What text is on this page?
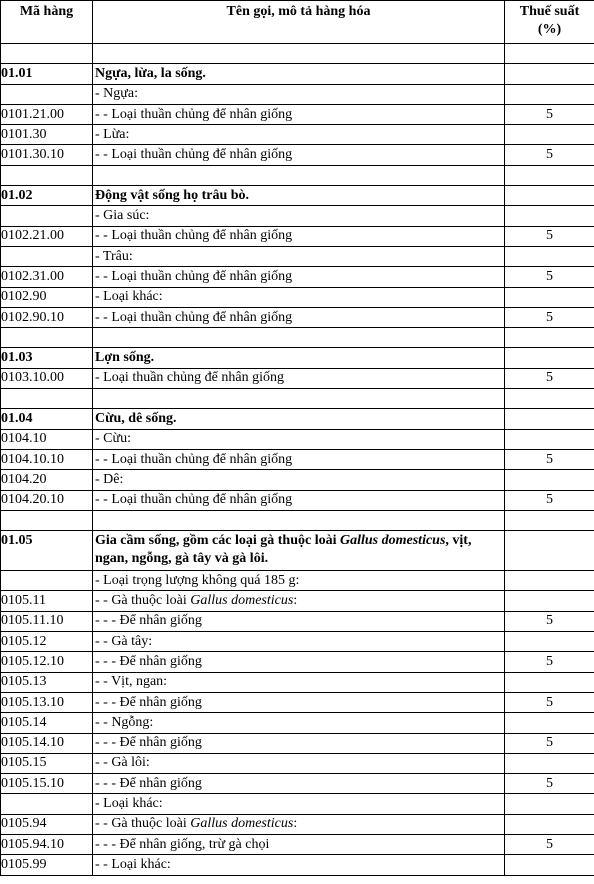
Mã hàng	Tên gọi, mô tả hàng hóa	Thuế suất (%)

01.01	Ngựa, lừa, la sống.	
	- Ngựa:	
0101.21.00	- - Loại thuần chủng để nhân giống	5
0101.30	- Lừa:	
0101.30.10	- - Loại thuần chủng để nhân giống	5

01.02	Động vật sống họ trâu bò.	
	- Gia súc:	
0102.21.00	- - Loại thuần chủng để nhân giống	5
	- Trâu:	
0102.31.00	- - Loại thuần chủng để nhân giống	5
0102.90	- Loại khác:	
0102.90.10	- - Loại thuần chủng để nhân giống	5

01.03	Lợn sống.	
0103.10.00	- Loại thuần chủng để nhân giống	5

01.04	Cừu, dê sống.	
0104.10	- Cừu:	
0104.10.10	- - Loại thuần chủng để nhân giống	5
0104.20	- Dê:	
0104.20.10	- - Loại thuần chủng để nhân giống	5

01.05	Gia cầm sống, gồm các loại gà thuộc loài Gallus domesticus, vịt, ngan, ngỗng, gà tây và gà lôi.	
	- Loại trọng lượng không quá 185 g:	
0105.11	- - Gà thuộc loài Gallus domesticus:	
0105.11.10	- - - Để nhân giống	5
0105.12	- - Gà tây:	
0105.12.10	- - - Để nhân giống	5
0105.13	- - Vịt, ngan:	
0105.13.10	- - - Để nhân giống	5
0105.14	- - Ngỗng:	
0105.14.10	- - - Để nhân giống	5
0105.15	- - Gà lôi:	
0105.15.10	- - - Để nhân giống	5
	- Loại khác:	
0105.94	- - Gà thuộc loài Gallus domesticus:	
0105.94.10	- - - Để nhân giống, trừ gà chọi	5
0105.99	- - Loại khác:	
